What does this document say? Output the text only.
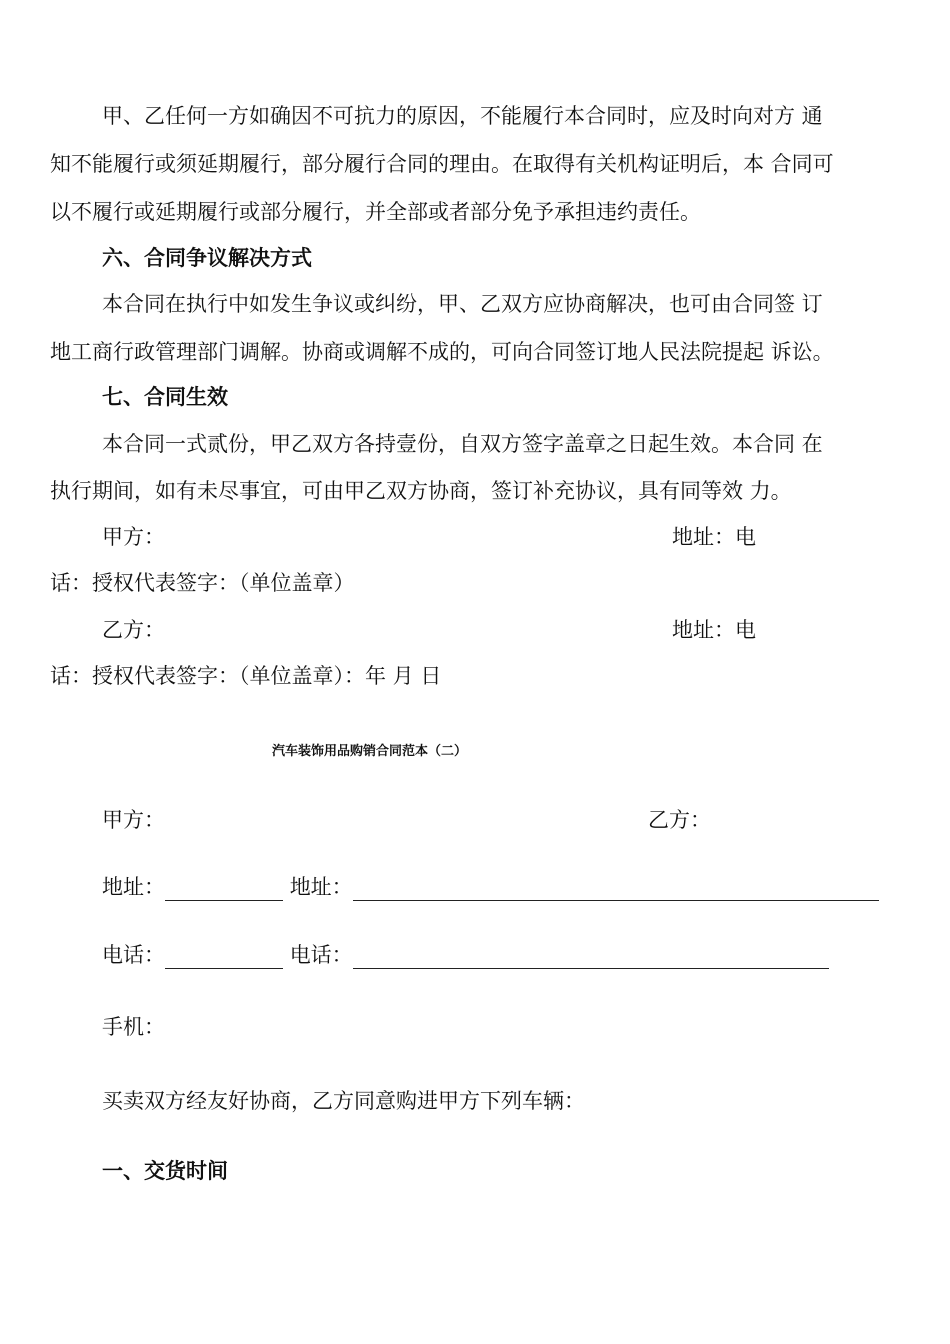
甲、乙任何一方如确因不可抗力的原因，不能履行本合同时，应及时向对方 通
知不能履行或须延期履行，部分履行合同的理由。在取得有关机构证明后，本 合同可
以不履行或延期履行或部分履行，并全部或者部分免予承担违约责任。
六、合同争议解决方式
本合同在执行中如发生争议或纠纷，甲、乙双方应协商解决，也可由合同签 订
地工商行政管理部门调解。协商或调解不成的，可向合同签订地人民法院提起 诉讼。
七、合同生效
本合同一式贰份，甲乙双方各持壹份，自双方签字盖章之日起生效。本合同 在
执行期间，如有未尽事宜，可由甲乙双方协商，签订补充协议，具有同等效 力。
甲方：	地址：电
话：授权代表签字：（单位盖章）
乙方：	地址：电
话：授权代表签字：（单位盖章）：年 月 日
汽车装饰用品购销合同范本（二）
甲方：	乙方：
地址：	地址：
电话：	电话：
手机：
买卖双方经友好协商，乙方同意购进甲方下列车辆：
一、交货时间
